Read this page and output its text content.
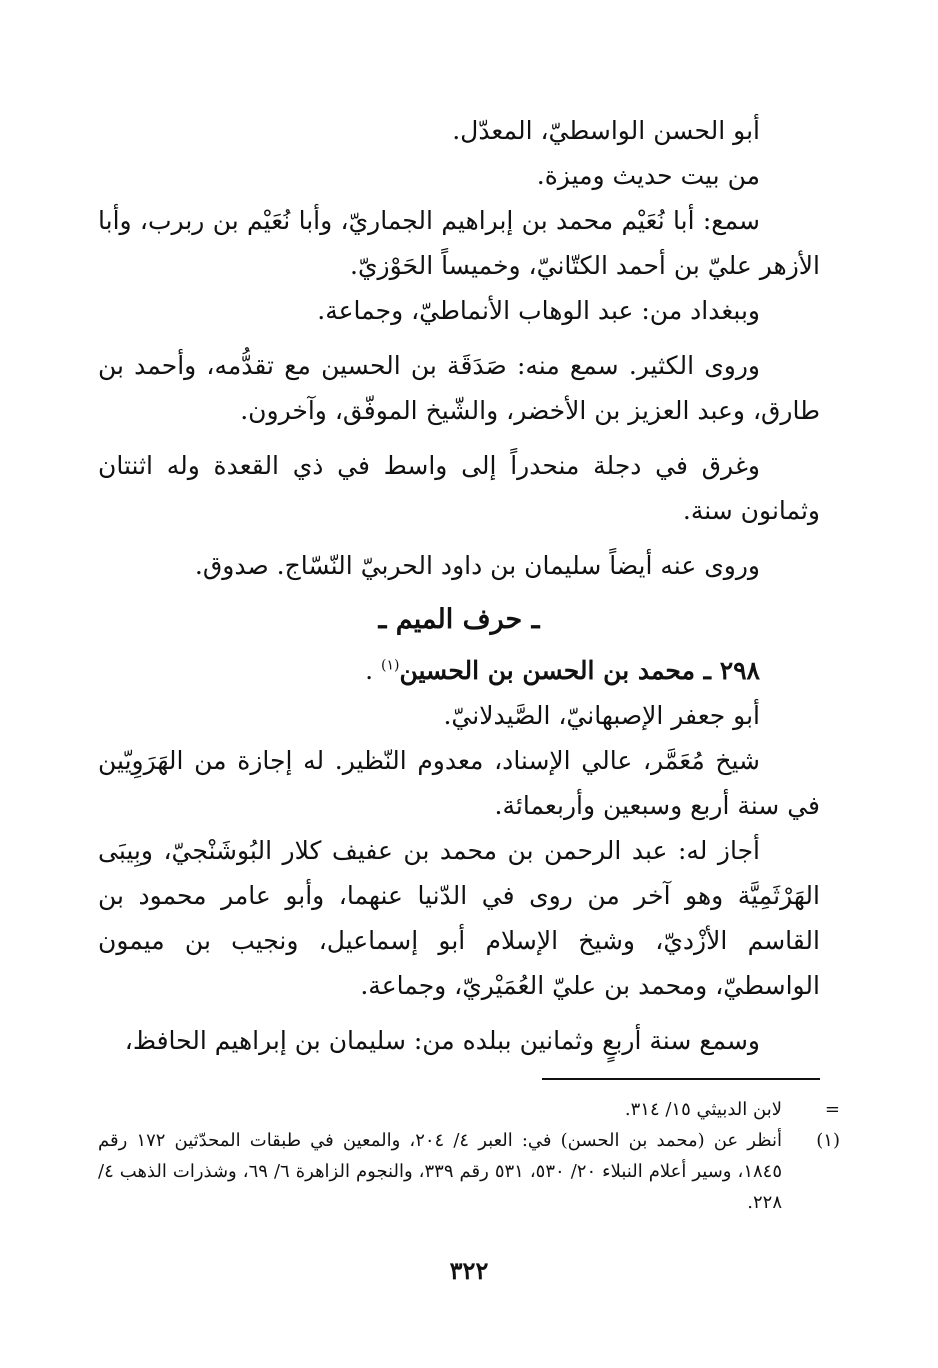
أبو الحسن الواسطيّ، المعدّل.

من بيت حديث وميزة.

سمع: أبا نُعَيْم محمد بن إبراهيم الجماريّ، وأبا نُعَيْم بن ربرب، وأبا الأزهر عليّ بن أحمد الكتّانيّ، وخميساً الحَوْزيّ.

وببغداد من: عبد الوهاب الأنماطيّ، وجماعة.

وروى الكثير. سمع منه: صَدَقَة بن الحسين مع تقدُّمه، وأحمد بن طارق، وعبد العزيز بن الأخضر، والشّيخ الموفّق، وآخرون.

وغرق في دجلة منحدراً إلى واسط في ذي القعدة وله اثنتان وثمانون سنة.

وروى عنه أيضاً سليمان بن داود الحربيّ النّسّاج. صدوق.

ـ حرف الميم ـ

٢٩٨ ـ محمد بن الحسن بن الحسين$^{(١)}$ .

أبو جعفر الإصبهانيّ، الصَّيدلانيّ.

شيخ مُعَمَّر، عالي الإسناد، معدوم النّظير. له إجازة من الهَرَوِيّين في سنة أربع وسبعين وأربعمائة.

أجاز له: عبد الرحمن بن محمد بن عفيف كلار البُوشَنْجيّ، وبِيبَى الهَرْثَمِيَّة وهو آخر من روى في الدّنيا عنهما، وأبو عامر محمود بن القاسم الأزْديّ، وشيخ الإسلام أبو إسماعيل، ونجيب بن ميمون الواسطيّ، ومحمد بن عليّ العُمَيْريّ، وجماعة.

وسمع سنة أربعٍ وثمانين ببلده من: سليمان بن إبراهيم الحافظ،

=
لابن الدبيثي ١٥/ ٣١٤.
(١)
أنظر عن (محمد بن الحسن) في: العبر ٤/ ٢٠٤، والمعين في طبقات المحدّثين ١٧٢ رقم ١٨٤٥، وسير أعلام النبلاء ٢٠/ ٥٣٠، ٥٣١ رقم ٣٣٩، والنجوم الزاهرة ٦/ ٦٩، وشذرات الذهب ٤/ ٢٢٨.
٣٢٢
